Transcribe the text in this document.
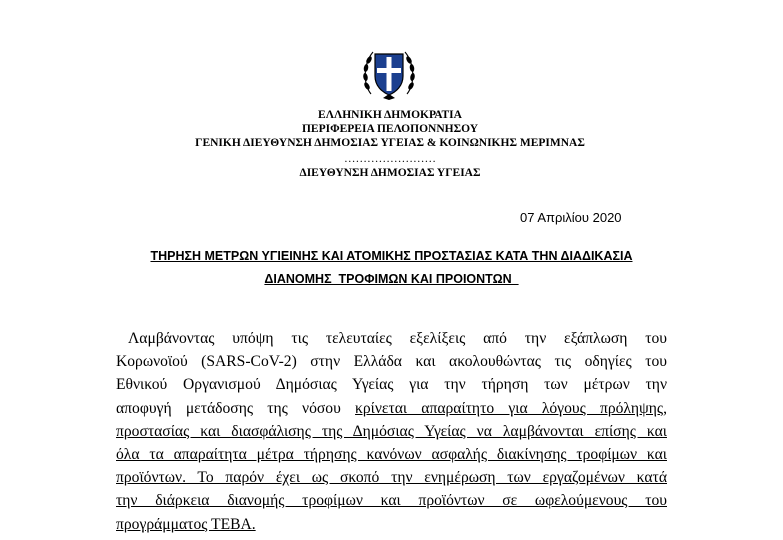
ΕΛΛΗΝΙΚΗ ΔΗΜΟΚΡΑΤΙΑ
ΠΕΡΙΦΕΡΕΙΑ ΠΕΛΟΠΟΝΝΗΣΟΥ
ΓΕΝΙΚΗ ΔΙΕΥΘΥΝΣΗ ΔΗΜΟΣΙΑΣ ΥΓΕΙΑΣ & ΚΟΙΝΩΝΙΚΗΣ ΜΕΡΙΜΝΑΣ
……………………
ΔΙΕΥΘΥΝΣΗ ΔΗΜΟΣΙΑΣ ΥΓΕΙΑΣ
07 Απριλίου 2020
ΤΗΡΗΣΗ ΜΕΤΡΩΝ ΥΓΙΕΙΝΗΣ ΚΑΙ ΑΤΟΜΙΚΗΣ ΠΡΟΣΤΑΣΙΑΣ ΚΑΤΑ ΤΗΝ ΔΙΑΔΙΚΑΣΙΑ
ΔΙΑΝΟΜΗΣ  ΤΡΟΦΙΜΩΝ ΚΑΙ ΠΡΟΙΟΝΤΩΝ
Λαμβάνοντας υπόψη τις τελευταίες εξελίξεις από την εξάπλωση του
Κορωνοϊού (SARS-CoV-2) στην Ελλάδα και ακολουθώντας τις οδηγίες του
Εθνικού Οργανισμού Δημόσιας Υγείας για την τήρηση των μέτρων την
αποφυγή μετάδοσης της νόσου κρίνεται απαραίτητο για λόγους πρόληψης,
προστασίας και διασφάλισης της Δημόσιας Υγείας να λαμβάνονται επίσης και
όλα τα απαραίτητα μέτρα τήρησης κανόνων ασφαλής διακίνησης τροφίμων και
προϊόντων. Το παρόν έχει ως σκοπό την ενημέρωση των εργαζομένων κατά
την διάρκεια διανομής τροφίμων και προϊόντων σε ωφελούμενους του
προγράμματος ΤΕΒΑ.
